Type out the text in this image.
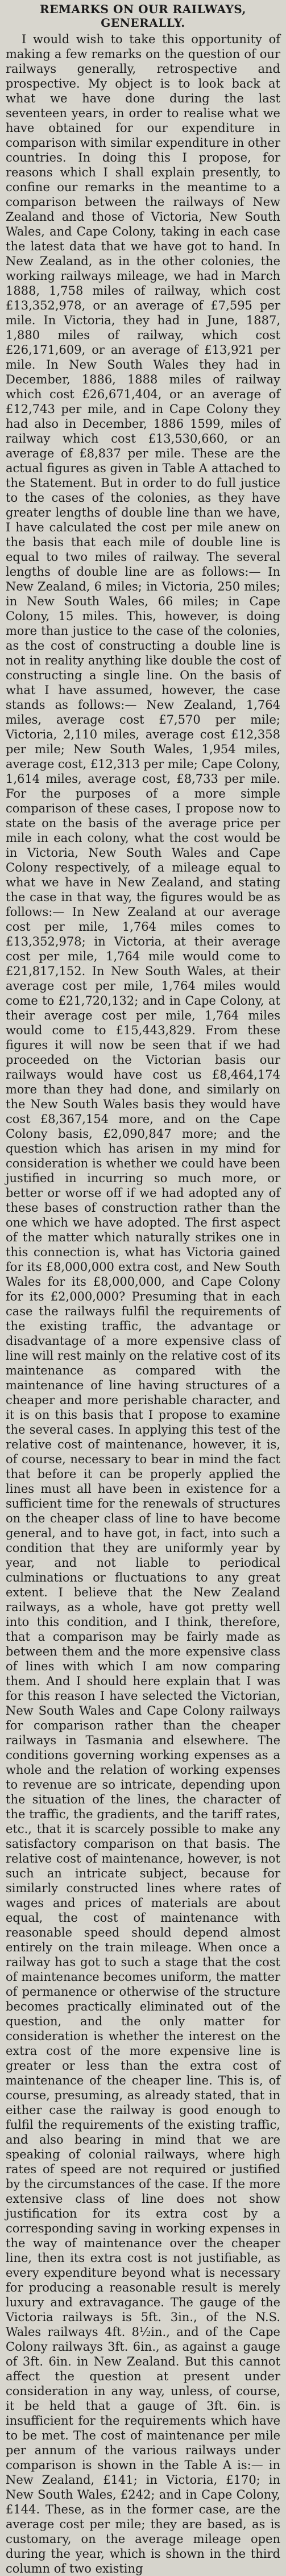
REMARKS ON OUR RAILWAYS,
GENERALLY.

I would wish to take this opportunity of making a few remarks on the question of our railways generally, retrospective and prospective. My object is to look back at what we have done during the last seventeen years, in order to realise what we have obtained for our expenditure in comparison with similar expenditure in other countries. In doing this I propose, for reasons which I shall explain presently, to confine our remarks in the meantime to a comparison between the railways of New Zealand and those of Victoria, New South Wales, and Cape Colony, taking in each case the latest data that we have got to hand. In New Zealand, as in the other colonies, the working railways mileage, we had in March 1888, 1,758 miles of railway, which cost £13,352,978, or an average of £7,595 per mile. In Victoria, they had in June, 1887, 1,880 miles of railway, which cost £26,171,609, or an average of £13,921 per mile. In New South Wales they had in December, 1886, 1888 miles of railway which cost £26,671,404, or an average of £12,743 per mile, and in Cape Colony they had also in December, 1886 1599, miles of railway which cost £13,530,660, or an average of £8,837 per mile. These are the actual figures as given in Table A attached to the Statement. But in order to do full justice to the cases of the colonies, as they have greater lengths of double line than we have, I have calculated the cost per mile anew on the basis that each mile of double line is equal to two miles of railway. The several lengths of double line are as follows:— In New Zealand, 6 miles; in Victoria, 250 miles; in New South Wales, 66 miles; in Cape Colony, 15 miles. This, however, is doing more than justice to the case of the colonies, as the cost of constructing a double line is not in reality anything like double the cost of constructing a single line. On the basis of what I have assumed, however, the case stands as follows:— New Zealand, 1,764 miles, average cost £7,570 per mile; Victoria, 2,110 miles, average cost £12,358 per mile; New South Wales, 1,954 miles, average cost, £12,313 per mile; Cape Colony, 1,614 miles, average cost, £8,733 per mile. For the purposes of a more simple comparison of these cases, I propose now to state on the basis of the average price per mile in each colony, what the cost would be in Victoria, New South Wales and Cape Colony respectively, of a mileage equal to what we have in New Zealand, and stating the case in that way, the figures would be as follows:— In New Zealand at our average cost per mile, 1,764 miles comes to £13,352,978; in Victoria, at their average cost per mile, 1,764 mile would come to £21,817,152. In New South Wales, at their average cost per mile, 1,764 miles would come to £21,720,132; and in Cape Colony, at their average cost per mile, 1,764 miles would come to £15,443,829. From these figures it will now be seen that if we had proceeded on the Victorian basis our railways would have cost us £8,464,174 more than they had done, and similarly on the New South Wales basis they would have cost £8,367,154 more, and on the Cape Colony basis, £2,090,847 more; and the question which has arisen in my mind for consideration is whether we could have been justified in incurring so much more, or better or worse off if we had adopted any of these bases of construction rather than the one which we have adopted. The first aspect of the matter which naturally strikes one in this connection is, what has Victoria gained for its £8,000,000 extra cost, and New South Wales for its £8,000,000, and Cape Colony for its £2,000,000? Presuming that in each case the railways fulfil the requirements of the existing traffic, the advantage or disadvantage of a more expensive class of line will rest mainly on the relative cost of its maintenance as compared with the maintenance of line having structures of a cheaper and more perishable character, and it is on this basis that I propose to examine the several cases. In applying this test of the relative cost of maintenance, however, it is, of course, necessary to bear in mind the fact that before it can be properly applied the lines must all have been in existence for a sufficient time for the renewals of structures on the cheaper class of line to have become general, and to have got, in fact, into such a condition that they are uniformly year by year, and not liable to periodical culminations or fluctuations to any great extent. I believe that the New Zealand railways, as a whole, have got pretty well into this condition, and I think, therefore, that a comparison may be fairly made as between them and the more expensive class of lines with which I am now comparing them. And I should here explain that I was for this reason I have selected the Victorian, New South Wales and Cape Colony railways for comparison rather than the cheaper railways in Tasmania and elsewhere. The conditions governing working expenses as a whole and the relation of working expenses to revenue are so intricate, depending upon the situation of the lines, the character of the traffic, the gradients, and the tariff rates, etc., that it is scarcely possible to make any satisfactory comparison on that basis. The relative cost of maintenance, however, is not such an intricate subject, because for similarly constructed lines where rates of wages and prices of materials are about equal, the cost of maintenance with reasonable speed should depend almost entirely on the train mileage. When once a railway has got to such a stage that the cost of maintenance becomes uniform, the matter of permanence or otherwise of the structure becomes practically eliminated out of the question, and the only matter for consideration is whether the interest on the extra cost of the more expensive line is greater or less than the extra cost of maintenance of the cheaper line. This is, of course, presuming, as already stated, that in either case the railway is good enough to fulfil the requirements of the existing traffic, and also bearing in mind that we are speaking of colonial railways, where high rates of speed are not required or justified by the circumstances of the case. If the more extensive class of line does not show justification for its extra cost by a corresponding saving in working expenses in the way of maintenance over the cheaper line, then its extra cost is not justifiable, as every expenditure beyond what is necessary for producing a reasonable result is merely luxury and extravagance. The gauge of the Victoria railways is 5ft. 3in., of the N.S. Wales railways 4ft. 8½in., and of the Cape Colony railways 3ft. 6in., as against a gauge of 3ft. 6in. in New Zealand. But this cannot affect the question at present under consideration in any way, unless, of course, it be held that a gauge of 3ft. 6in. is insufficient for the requirements which have to be met. The cost of maintenance per mile per annum of the various railways under comparison is shown in the Table A is:— in New Zealand, £141; in Victoria, £170; in New South Wales, £242; and in Cape Colony, £144. These, as in the former case, are the average cost per mile; they are based, as is customary, on the average mileage open during the year, which is shown in the third column of two existing
